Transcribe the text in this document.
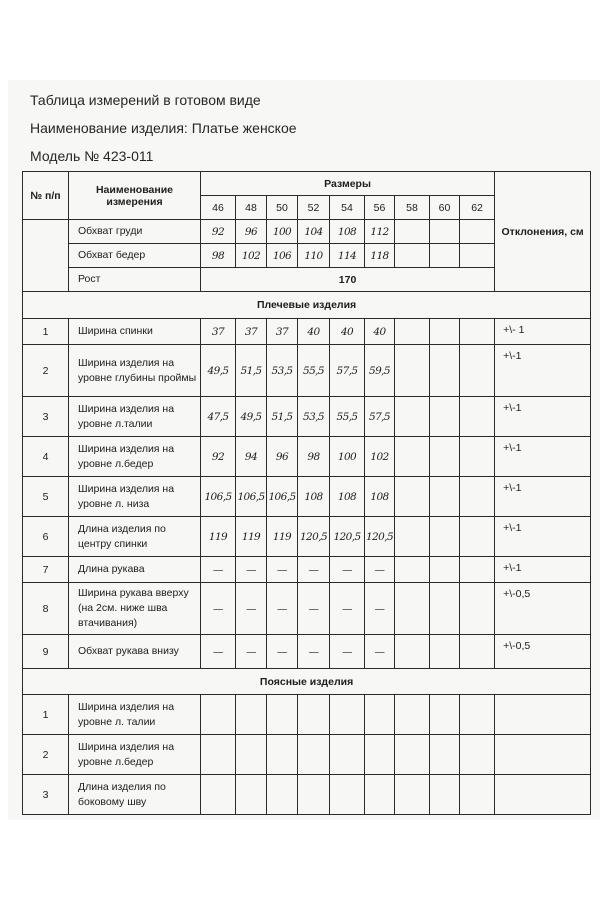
Таблица измерений в готовом виде
Наименование изделия: Платье женское
Модель № 423-011
№ п/п	Наименование измерения	Размеры									Отклонения, см
		46	48	50	52	54	56	58	60	62	
	Обхват груди	92	96	100	104	108	112				
	Обхват бедер	98	102	106	110	114	118				
	Рост	170									
Плечевые изделия											
1	Ширина спинки	37	37	37	40	40	40				+\- 1
2	Ширина изделия на уровне глубины проймы	49,5	51,5	53,5	55,5	57,5	59,5				+\-1
3	Ширина изделия на уровне л.талии	47,5	49,5	51,5	53,5	55,5	57,5				+\-1
4	Ширина изделия на уровне л.бедер	92	94	96	98	100	102				+\-1
5	Ширина изделия на уровне л. низа	106,5	106,5	106,5	108	108	108				+\-1
6	Длина изделия по центру спинки	119	119	119	120,5	120,5	120,5				+\-1
7	Длина рукава	—	—	—	—	—	—				+\-1
8	Ширина рукава вверху (на 2см. ниже шва втачивания)	—	—	—	—	—	—				+\-0,5
9	Обхват рукава внизу	—	—	—	—	—	—				+\-0,5
Поясные изделия											
1	Ширина изделия на уровне л. талии										
2	Ширина изделия на уровне л.бедер										
3	Длина изделия по боковому шву										
